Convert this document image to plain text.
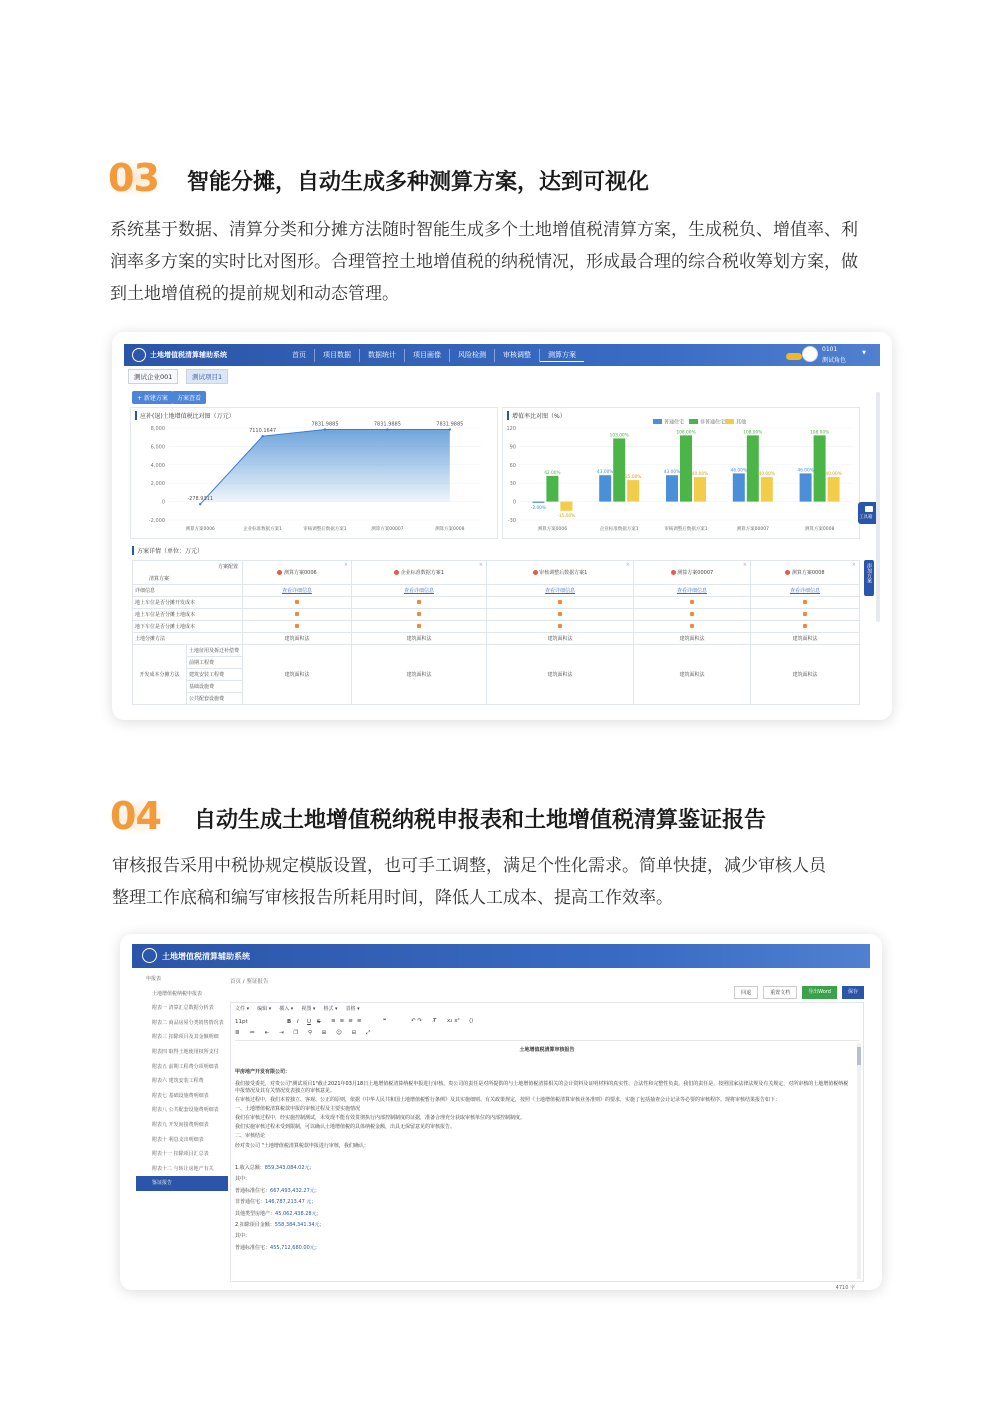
03 智能分摊，自动生成多种测算方案，达到可视化
系统基于数据、清算分类和分摊方法随时智能生成多个土地增值税清算方案，生成税负、增值率、利
润率多方案的实时比对图形。合理管控土地增值税的纳税情况，形成最合理的综合税收筹划方案，做
到土地增值税的提前规划和动态管理。
土地增值税清算辅助系统	首页	项目数据	数据统计	项目画像	风险检测	审核调整	测算方案
0101
测试角色
▼
测试企业001	测试项目1
+ 新建方案	方案查看
应补(退)土地增值税比对图（万元）
8,000
6,000
4,000
2,000
0
-2,000
-278.9311
测算方案0006
7110.1647
企业标准数据方案1
7831.9885
审核调整后数据方案1
7831.9885
测算方案00007
7831.9885
测算方案0008
增值率比对图（%）
120
90
60
30
0
-30
普通住宅	非普通住宅 其他
-2.00%
42.00%
-15.00%
测算方案0006
43.00%
103.00%
35.00%
企业标准数据方案1
43.00%
108.00%
40.00%
审核调整后数据方案1
46.00%
108.00%
40.00%
测算方案00007
46.00%
108.00%
40.00%
测算方案0008
工具箱
添加方案
方案详情（单位：万元）
方案配置
清算方案		测算方案0006
×	企业标准数据方案1
×	审核调整后数据方案1
×	测算方案00007
×	测算方案0008
×

详细信息		查看详细信息	查看详细信息	查看详细信息	查看详细信息	查看详细信息
地上车位是否分摊开发成本						
地上车位是否分摊土地成本						
地下车位是否分摊土地成本						
土地分摊方法		建筑面积法	建筑面积法	建筑面积法	建筑面积法	建筑面积法
开发成本分摊方法	土地征用及拆迁补偿费	建筑面积法	建筑面积法	建筑面积法	建筑面积法	建筑面积法
	前期工程费					
	建筑安装工程费					
	基础设施费					
	公共配套设施费					
04 自动生成土地增值税纳税申报表和土地增值税清算鉴证报告
审核报告采用中税协规定模版设置，也可手工调整，满足个性化需求。简单快捷，减少审核人员
整理工作底稿和编写审核报告所耗用时间，降低人工成本、提高工作效率。
土地增值税清算辅助系统
申报表
土地增值税纳税申报表
附表一 清算汇总数据分析表
附表二 商品房屋分类销售情况表
附表三 扣除项目及其金额明细
附表四 取得土地使用权所支付
附表五 前期工程费分项明细表
附表六 建筑安装工程费
附表七 基础设施费明细表
附表八 公共配套设施费明细表
附表九 开发间接费明细表
附表十 利息支出明细表
附表十一 扣除项目汇总表
附表十二 与转让房地产有关
鉴证报告
首页 / 鉴证报告
回退	重置文档	导出Word	保存
文件 ▾ 编辑 ▾ 插入 ▾ 视图 ▾ 格式 ▾ 表格 ▾
11pt	B I U S ≡≡≡≡	❝	↶ ↷ T̸ x₂ x² ⟨⟩
≣ ≔ ⇤ ⇥ ❐ ⚲ ⊞ ☺ ⊟ ⤢
土地增值税清算审核报告
甲房地产开发有限公司：
我们接受委托，对贵公司"测试项目1"截止2021年03月18日土地增值税清算纳税申报进行审核。贵公司的责任是对所提供的与土地增值税清算相关的会计资料及证明材料的真实性、合法性和完整性负责。我们的责任是，按照国家法律法规及有关规定，对所审核的土地增值税纳税申报情况及其有关情况发表独立的审核意见。
在审核过程中，我们本着独立、客观、公正的原则，依据《中华人民共和国土地增值税暂行条例》及其实施细则、有关政策规定，按照《土地增值税清算审核业务准则》的要求，实施了包括抽查会计记录等必要的审核程序。现将审核结果报告如下：
一、土地增值税清算税款申报的审核过程及主要实施情况
我们在审核过程中，经实施控制测试，未发现不能有效贯彻执行内部控制制度的证据，准备合理充分获取审核单位的内部控制制度。
我们实施审核过程未受到限制，可以确认土地增值税的具体纳税金额，出具无保留意见的审核报告。
二、审核结论
经对贵公司 "土地增值税清算税款申报进行审核，我们确认：
1.收入总额：859,343,084.02元；
其中：
普通标准住宅：667,493,432.27元；
非普通住宅：146,787,213.47 元；
其他类型房地产：45,062,438.28元；
2.扣除项目金额：558,384,341.34元；
其中：
普通标准住宅：455,712,680.00元；
4710 字
